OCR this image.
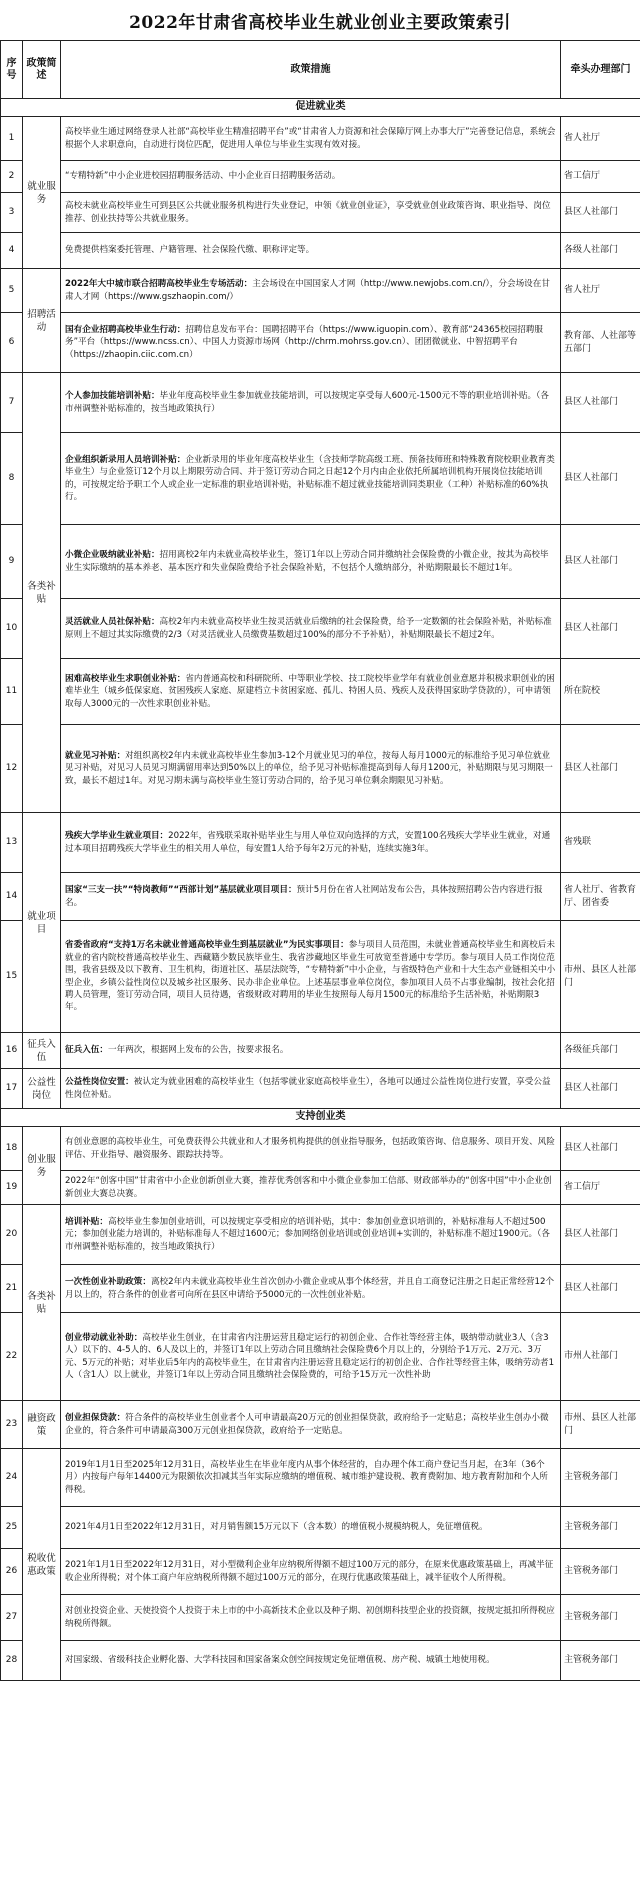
2022年甘肃省高校毕业生就业创业主要政策索引
序号	政策简述	政策措施	牵头办理部门
促进就业类			
1	就业服务	高校毕业生通过网络登录人社部“高校毕业生精准招聘平台”或“甘肃省人力资源和社会保障厅网上办事大厅”完善登记信息，系统会根据个人求职意向，自动进行岗位匹配，促进用人单位与毕业生实现有效对接。	省人社厅
2		“专精特新”中小企业进校园招聘服务活动、中小企业百日招聘服务活动。	省工信厅
3		高校未就业高校毕业生可到县区公共就业服务机构进行失业登记，申领《就业创业证》，享受就业创业政策咨询、职业指导、岗位推荐、创业扶持等公共就业服务。	县区人社部门
4		免费提供档案委托管理、户籍管理、社会保险代缴、职称评定等。	各级人社部门
5	招聘活动	2022年大中城市联合招聘高校毕业生专场活动：主会场设在中国国家人才网（http://www.newjobs.com.cn/），分会场设在甘肃人才网（https://www.gszhaopin.com/）	省人社厅
6		国有企业招聘高校毕业生行动：招聘信息发布平台：国聘招聘平台（https://www.iguopin.com）、教育部“24365校园招聘服务”平台（https://www.ncss.cn）、中国人力资源市场网（http://chrm.mohrss.gov.cn）、团团微就业、中智招聘平台（https://zhaopin.ciic.com.cn）	教育部、人社部等五部门
7	各类补贴	个人参加技能培训补贴：毕业年度高校毕业生参加就业技能培训，可以按规定享受每人600元-1500元不等的职业培训补贴。（各市州调整补贴标准的，按当地政策执行）	县区人社部门
8		企业组织新录用人员培训补贴：企业新录用的毕业年度高校毕业生（含技师学院高级工班、预备技师班和特殊教育院校职业教育类毕业生）与企业签订12个月以上期限劳动合同、并于签订劳动合同之日起12个月内由企业依托所属培训机构开展岗位技能培训的，可按规定给予职工个人或企业一定标准的职业培训补贴，补贴标准不超过就业技能培训同类职业（工种）补贴标准的60%执行。	县区人社部门
9		小微企业吸纳就业补贴：招用离校2年内未就业高校毕业生，签订1年以上劳动合同并缴纳社会保险费的小微企业，按其为高校毕业生实际缴纳的基本养老、基本医疗和失业保险费给予社会保险补贴，不包括个人缴纳部分，补贴期限最长不超过1年。	县区人社部门
10		灵活就业人员社保补贴：高校2年内未就业高校毕业生按灵活就业后缴纳的社会保险费，给予一定数额的社会保险补贴，补贴标准原则上不超过其实际缴费的2/3（对灵活就业人员缴费基数超过100%的部分不予补贴），补贴期限最长不超过2年。	县区人社部门
11		困难高校毕业生求职创业补贴：省内普通高校和科研院所、中等职业学校、技工院校毕业学年有就业创业意愿并积极求职创业的困难毕业生（城乡低保家庭、贫困残疾人家庭、原建档立卡贫困家庭、孤儿、特困人员、残疾人及获得国家助学贷款的），可申请领取每人3000元的一次性求职创业补贴。	所在院校
12		就业见习补贴：对组织离校2年内未就业高校毕业生参加3-12个月就业见习的单位，按每人每月1000元的标准给予见习单位就业见习补贴，对见习人员见习期满留用率达到50%以上的单位，给予见习补贴标准提高到每人每月1200元，补贴期限与见习期限一致，最长不超过1年。对见习期未满与高校毕业生签订劳动合同的，给予见习单位剩余期限见习补贴。	县区人社部门
13	就业项目	残疾大学毕业生就业项目：2022年，省残联采取补贴毕业生与用人单位双向选择的方式，安置100名残疾大学毕业生就业，对通过本项目招聘残疾大学毕业生的相关用人单位，每安置1人给予每年2万元的补贴，连续实施3年。	省残联
14		国家“三支一扶”“特岗教师”“西部计划”基层就业项目项目：预计5月份在省人社网站发布公告，具体按照招聘公告内容进行报名。	省人社厅、省教育厅、团省委
15		省委省政府“支持1万名未就业普通高校毕业生到基层就业”为民实事项目：参与项目人员范围，未就业普通高校毕业生和离校后未就业的省内院校普通高校毕业生、西藏籍少数民族毕业生、我省涉藏地区毕业生可放宽至普通中专学历。参与项目人员工作岗位范围，我省县级及以下教育、卫生机构，街道社区、基层法院等，“专精特新”中小企业，与省级特色产业和十大生态产业链相关中小型企业，乡镇公益性岗位以及城乡社区服务、民办非企业单位。上述基层事业单位岗位，参加项目人员不占事业编制，按社会化招聘人员管理，签订劳动合同，项目人员待遇，省级财政对聘用的毕业生按照每人每月1500元的标准给予生活补贴，补贴期限3年。	市州、县区人社部门
16	征兵入伍	征兵入伍：一年两次，根据网上发布的公告，按要求报名。	各级征兵部门
17	公益性岗位	公益性岗位安置：被认定为就业困难的高校毕业生（包括零就业家庭高校毕业生），各地可以通过公益性岗位进行安置，享受公益性岗位补贴。	县区人社部门
支持创业类			
18	创业服务	有创业意愿的高校毕业生，可免费获得公共就业和人才服务机构提供的创业指导服务，包括政策咨询、信息服务、项目开发、风险评估、开业指导、融资服务、跟踪扶持等。	县区人社部门
19		2022年“创客中国”甘肃省中小企业创新创业大赛，推荐优秀创客和中小微企业参加工信部、财政部举办的“创客中国”中小企业创新创业大赛总决赛。	省工信厅
20	各类补贴	培训补贴：高校毕业生参加创业培训，可以按规定享受相应的培训补贴，其中：参加创业意识培训的，补贴标准每人不超过500元；参加创业能力培训的，补贴标准每人不超过1600元；参加网络创业培训或创业培训+实训的，补贴标准不超过1900元。（各市州调整补贴标准的，按当地政策执行）	县区人社部门
21		一次性创业补助政策：离校2年内未就业高校毕业生首次创办小微企业或从事个体经营，并且自工商登记注册之日起正常经营12个月以上的，符合条件的创业者可向所在县区申请给予5000元的一次性创业补贴。	县区人社部门
22		创业带动就业补助：高校毕业生创业，在甘肃省内注册运营且稳定运行的初创企业、合作社等经营主体，吸纳带动就业3人（含3人）以下的、4-5人的、6人及以上的，并签订1年以上劳动合同且缴纳社会保险费6个月以上的，分别给予1万元、2万元、3万元、5万元的补贴；对毕业后5年内的高校毕业生，在甘肃省内注册运营且稳定运行的初创企业、合作社等经营主体，吸纳劳动者1人（含1人）以上就业，并签订1年以上劳动合同且缴纳社会保险费的，可给予15万元一次性补助	市州人社部门
23	融资政策	创业担保贷款：符合条件的高校毕业生创业者个人可申请最高20万元的创业担保贷款，政府给予一定贴息；高校毕业生创办小微企业的，符合条件可申请最高300万元创业担保贷款，政府给予一定贴息。	市州、县区人社部门
24	税收优惠政策	2019年1月1日至2025年12月31日，高校毕业生在毕业年度内从事个体经营的，自办理个体工商户登记当月起，在3年（36个月）内按每户每年14400元为限额依次扣减其当年实际应缴纳的增值税、城市维护建设税、教育费附加、地方教育附加和个人所得税。	主管税务部门
25		2021年4月1日至2022年12月31日，对月销售额15万元以下（含本数）的增值税小规模纳税人，免征增值税。	主管税务部门
26		2021年1月1日至2022年12月31日，对小型微利企业年应纳税所得额不超过100万元的部分，在原来优惠政策基础上，再减半征收企业所得税；对个体工商户年应纳税所得额不超过100万元的部分，在现行优惠政策基础上，减半征收个人所得税。	主管税务部门
27		对创业投资企业、天使投资个人投资于未上市的中小高新技术企业以及种子期、初创期科技型企业的投资额，按规定抵扣所得税应纳税所得额。	主管税务部门
28		对国家级、省级科技企业孵化器、大学科技园和国家备案众创空间按规定免征增值税、房产税、城镇土地使用税。	主管税务部门
